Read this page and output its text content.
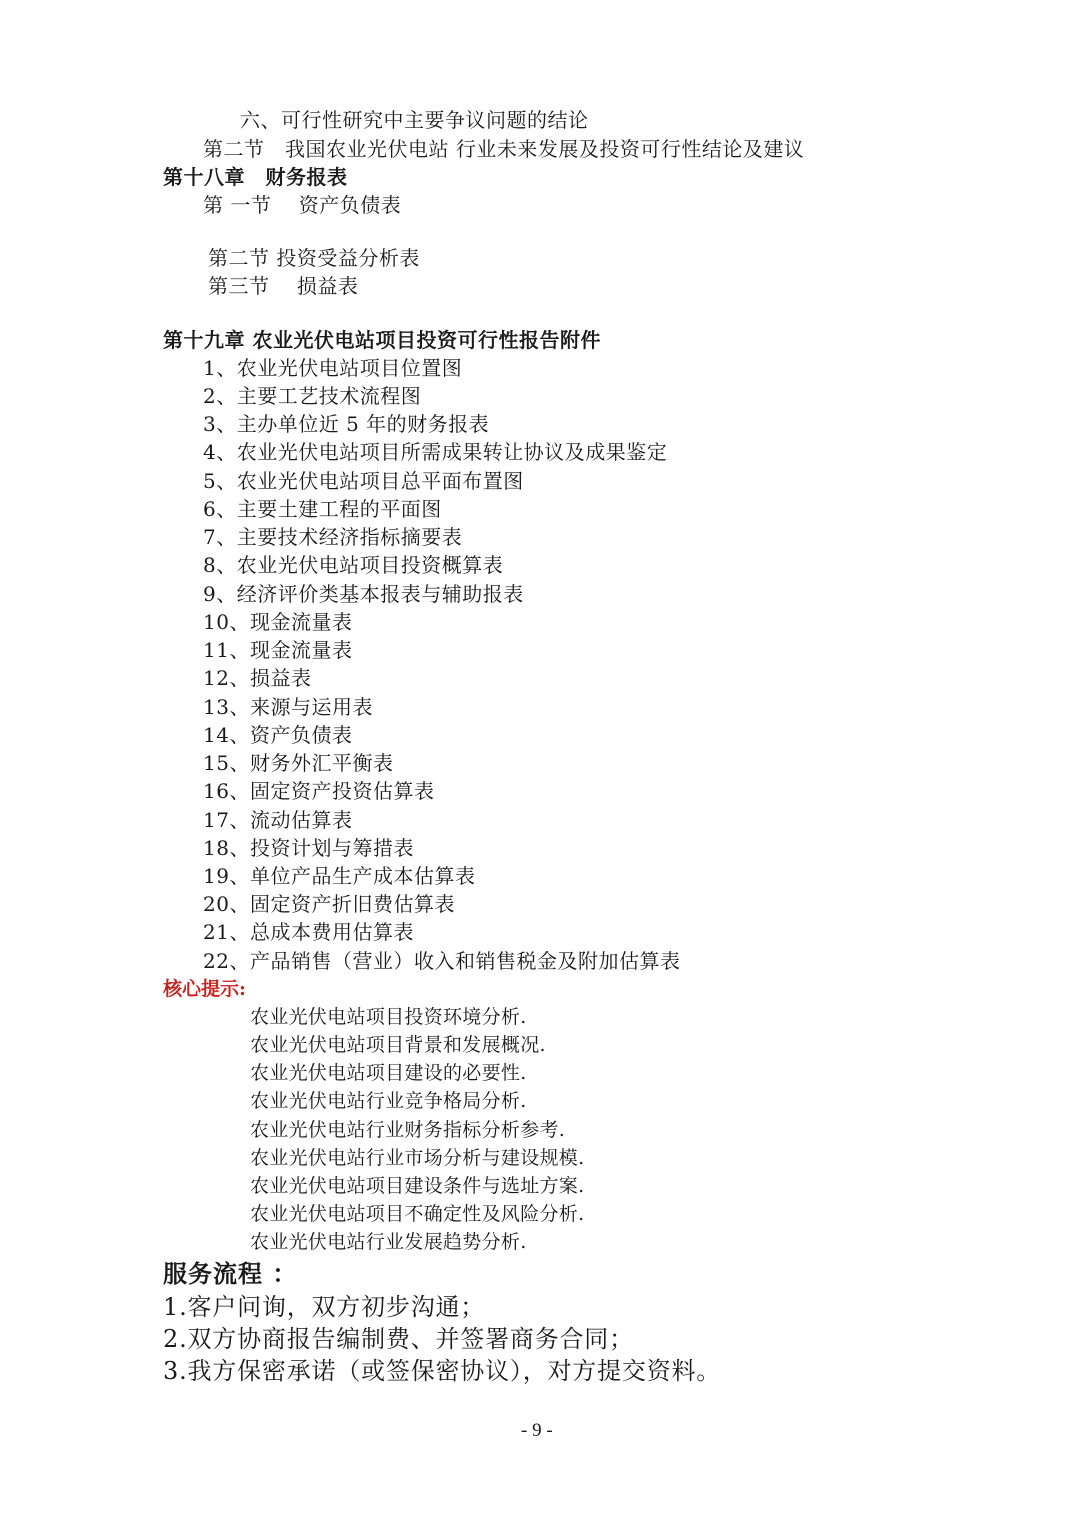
六、可行性研究中主要争议问题的结论
第二节　我国农业光伏电站 行业未来发展及投资可行性结论及建议
第十八章　财务报表
第 一节　 资产负债表
第二节 投资受益分析表
第三节　 损益表
第十九章 农业光伏电站项目投资可行性报告附件
1、农业光伏电站项目位置图
2、主要工艺技术流程图
3、主办单位近 5 年的财务报表
4、农业光伏电站项目所需成果转让协议及成果鉴定
5、农业光伏电站项目总平面布置图
6、主要土建工程的平面图
7、主要技术经济指标摘要表
8、农业光伏电站项目投资概算表
9、经济评价类基本报表与辅助报表
10、现金流量表
11、现金流量表
12、损益表
13、来源与运用表
14、资产负债表
15、财务外汇平衡表
16、固定资产投资估算表
17、流动估算表
18、投资计划与筹措表
19、单位产品生产成本估算表
20、固定资产折旧费估算表
21、总成本费用估算表
22、产品销售（营业）收入和销售税金及附加估算表
核心提示:
农业光伏电站项目投资环境分析.
农业光伏电站项目背景和发展概况.
农业光伏电站项目建设的必要性.
农业光伏电站行业竞争格局分析.
农业光伏电站行业财务指标分析参考.
农业光伏电站行业市场分析与建设规模.
农业光伏电站项目建设条件与选址方案.
农业光伏电站项目不确定性及风险分析.
农业光伏电站行业发展趋势分析.
服务流程 ：
1.客户问询，双方初步沟通；
2.双方协商报告编制费、并签署商务合同；
3.我方保密承诺（或签保密协议），对方提交资料。
- 9 -
